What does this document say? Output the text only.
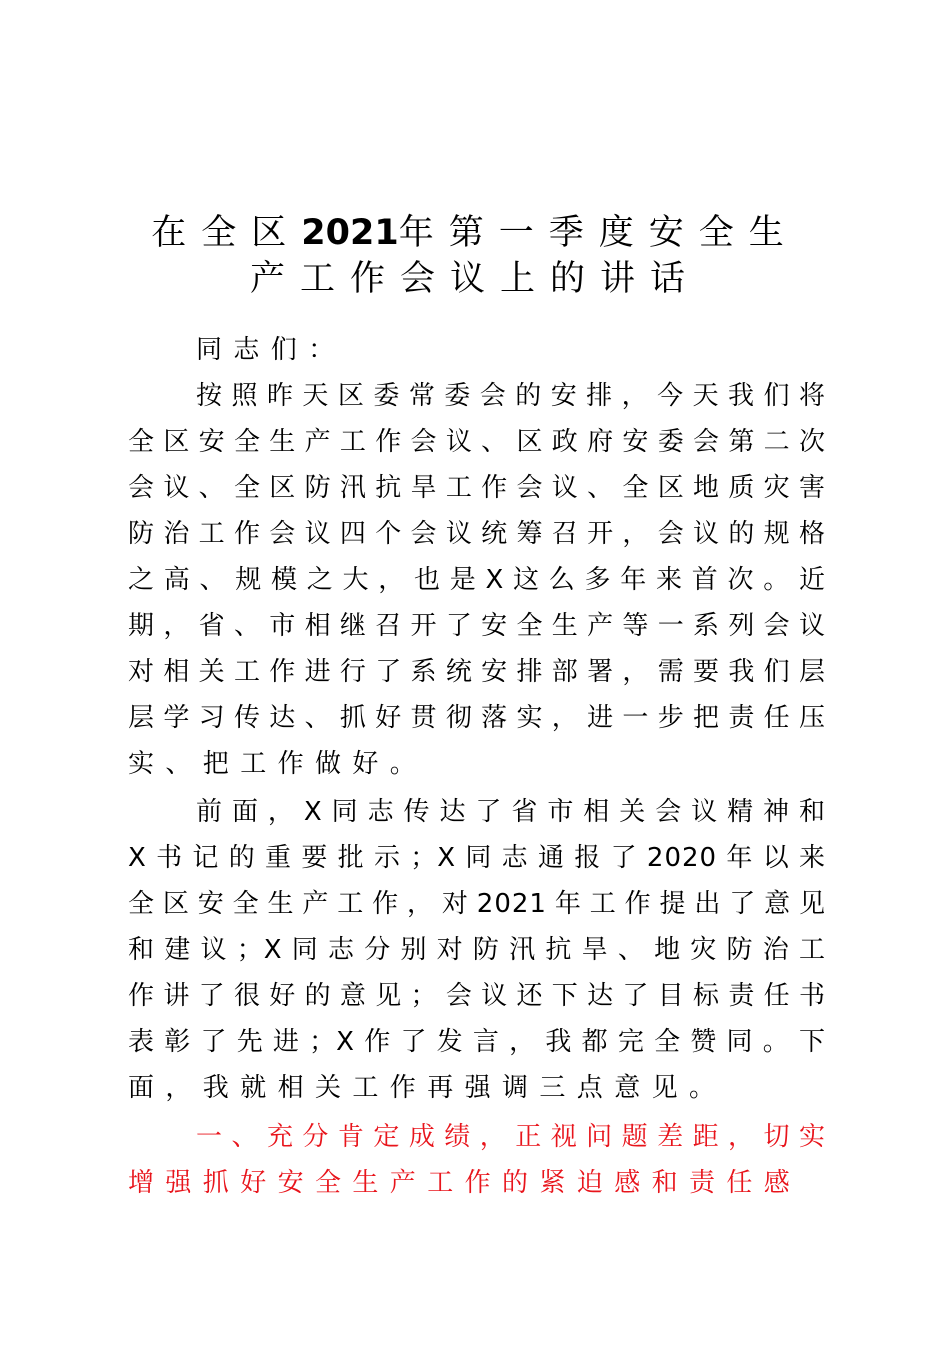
在全区2021年第一季度安全生
产工作会议上的讲话
同志们：
按照昨天区委常委会的安排，今天我们将
全区安全生产工作会议、区政府安委会第二次
会议、全区防汛抗旱工作会议、全区地质灾害
防治工作会议四个会议统筹召开，会议的规格
之高、规模之大，也是X这么多年来首次。近
期，省、市相继召开了安全生产等一系列会议
对相关工作进行了系统安排部署，需要我们层
层学习传达、抓好贯彻落实，进一步把责任压
实、把工作做好。
前面，X同志传达了省市相关会议精神和
X书记的重要批示；X同志通报了2020年以来
全区安全生产工作，对2021年工作提出了意见
和建议；X同志分别对防汛抗旱、地灾防治工
作讲了很好的意见；会议还下达了目标责任书
表彰了先进；X作了发言，我都完全赞同。下
面，我就相关工作再强调三点意见。
一、充分肯定成绩，正视问题差距，切实
增强抓好安全生产工作的紧迫感和责任感
